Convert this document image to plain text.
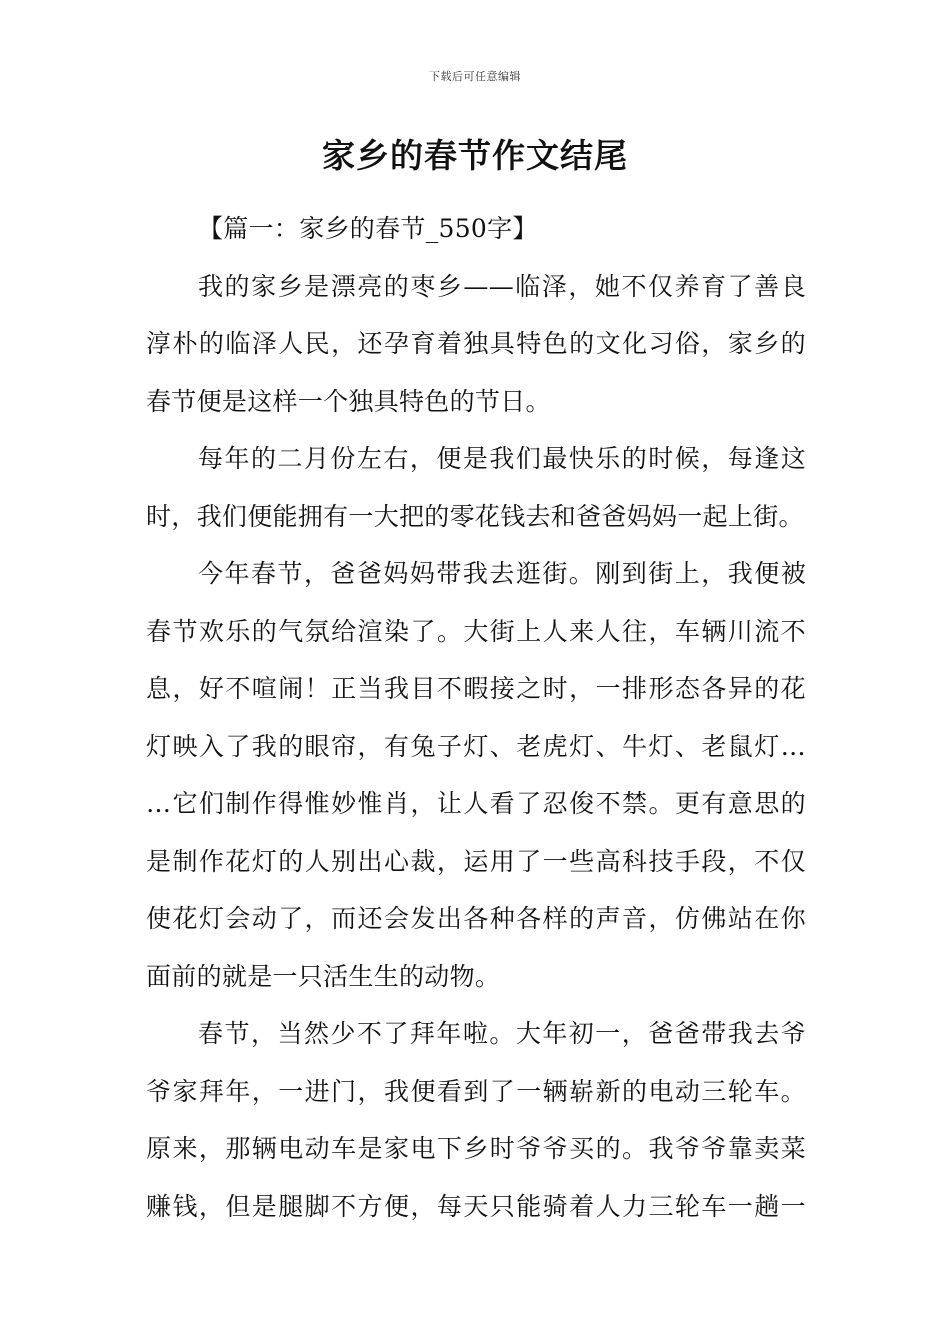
下载后可任意编辑
家乡的春节作文结尾
【篇一：家乡的春节_550字】
我的家乡是漂亮的枣乡——临泽，她不仅养育了善良
淳朴的临泽人民，还孕育着独具特色的文化习俗，家乡的
春节便是这样一个独具特色的节日。
每年的二月份左右，便是我们最快乐的时候，每逢这
时，我们便能拥有一大把的零花钱去和爸爸妈妈一起上街。
今年春节，爸爸妈妈带我去逛街。刚到街上，我便被
春节欢乐的气氛给渲染了。大街上人来人往，车辆川流不
息，好不喧闹！正当我目不暇接之时，一排形态各异的花
灯映入了我的眼帘，有兔子灯、老虎灯、牛灯、老鼠灯…
…它们制作得惟妙惟肖，让人看了忍俊不禁。更有意思的
是制作花灯的人别出心裁，运用了一些高科技手段，不仅
使花灯会动了，而还会发出各种各样的声音，仿佛站在你
面前的就是一只活生生的动物。
春节，当然少不了拜年啦。大年初一，爸爸带我去爷
爷家拜年，一进门，我便看到了一辆崭新的电动三轮车。
原来，那辆电动车是家电下乡时爷爷买的。我爷爷靠卖菜
赚钱，但是腿脚不方便，每天只能骑着人力三轮车一趟一
